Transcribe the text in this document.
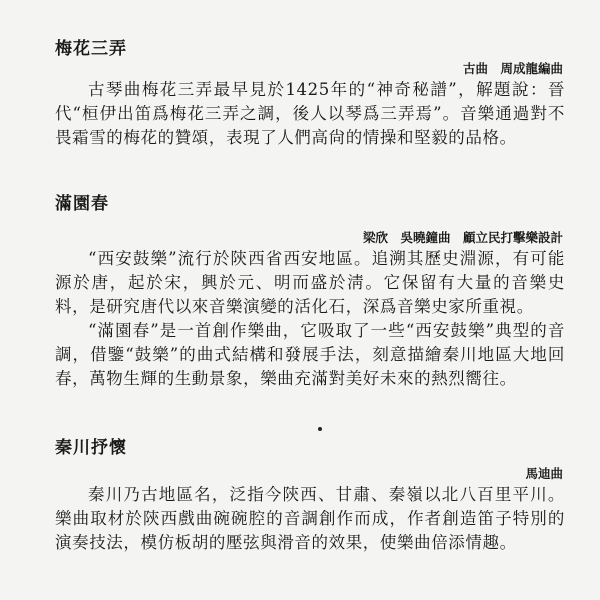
梅花三弄

古曲　周成龍編曲

古琴曲梅花三弄最早見於1425年的“神奇秘譜”，解題說：晉代“桓伊出笛爲梅花三弄之調，後人以琴爲三弄焉”。音樂通過對不畏霜雪的梅花的贊頌，表現了人們高尙的情操和堅毅的品格。

滿園春

梁欣　吳曉鐘曲　顧立民打擊樂設計

“西安鼓樂”流行於陝西省西安地區。追溯其歷史淵源，有可能源於唐，起於宋，興於元、明而盛於淸。它保留有大量的音樂史料，是研究唐代以來音樂演變的活化石，深爲音樂史家所重視。

“滿園春”是一首創作樂曲，它吸取了一些“西安鼓樂”典型的音調，借鑒“鼓樂”的曲式結構和發展手法，刻意描繪秦川地區大地回春，萬物生輝的生動景象，樂曲充滿對美好未來的熱烈嚮往。

秦川抒懷

馬迪曲

秦川乃古地區名，泛指今陝西、甘肅、秦嶺以北八百里平川。樂曲取材於陝西戲曲碗碗腔的音調創作而成，作者創造笛子特別的演奏技法，模仿板胡的壓弦與滑音的效果，使樂曲倍添情趣。
